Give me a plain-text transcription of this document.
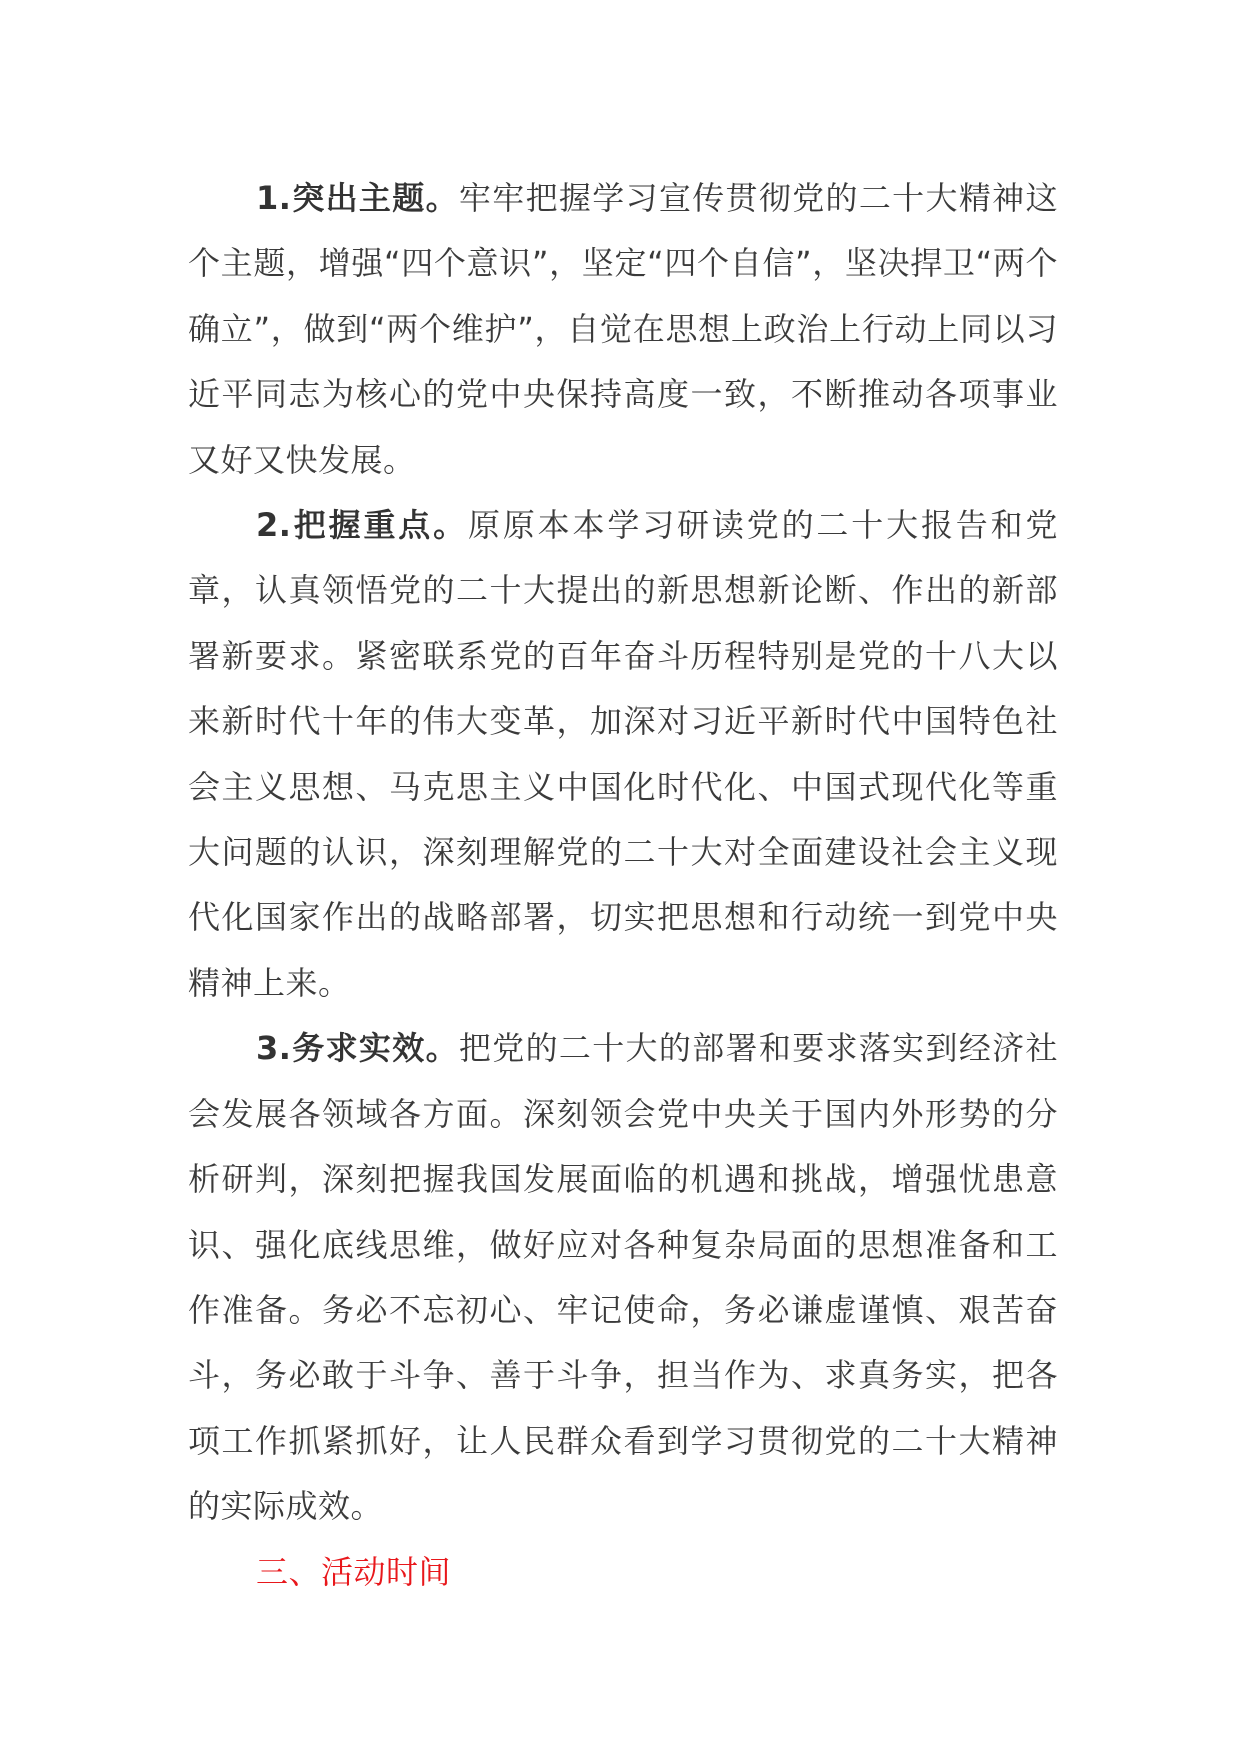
1.突出主题。牢牢把握学习宣传贯彻党的二十大精神这个主题，增强“四个意识”，坚定“四个自信”，坚决捍卫“两个确立”，做到“两个维护”，自觉在思想上政治上行动上同以习近平同志为核心的党中央保持高度一致，不断推动各项事业又好又快发展。

2.把握重点。原原本本学习研读党的二十大报告和党章，认真领悟党的二十大提出的新思想新论断、作出的新部署新要求。紧密联系党的百年奋斗历程特别是党的十八大以来新时代十年的伟大变革，加深对习近平新时代中国特色社会主义思想、马克思主义中国化时代化、中国式现代化等重大问题的认识，深刻理解党的二十大对全面建设社会主义现代化国家作出的战略部署，切实把思想和行动统一到党中央精神上来。

3.务求实效。把党的二十大的部署和要求落实到经济社会发展各领域各方面。深刻领会党中央关于国内外形势的分析研判，深刻把握我国发展面临的机遇和挑战，增强忧患意识、强化底线思维，做好应对各种复杂局面的思想准备和工作准备。务必不忘初心、牢记使命，务必谦虚谨慎、艰苦奋斗，务必敢于斗争、善于斗争，担当作为、求真务实，把各项工作抓紧抓好，让人民群众看到学习贯彻党的二十大精神的实际成效。

三、活动时间
